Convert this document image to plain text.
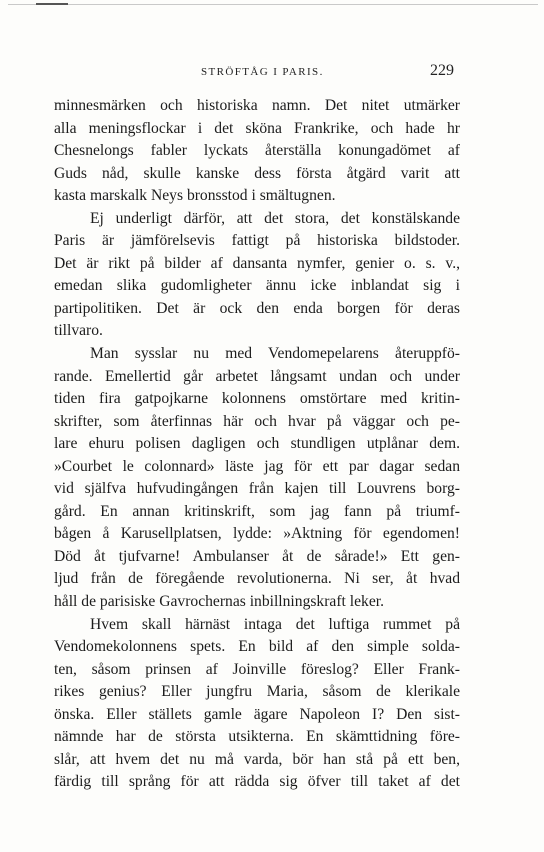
STRÖFTÅG I PARIS.	229
minnesmärken och historiska namn. Det nitet utmärker
alla meningsflockar i det sköna Frankrike, och hade hr
Chesnelongs fabler lyckats återställa konungadömet af
Guds nåd, skulle kanske dess första åtgärd varit att
kasta marskalk Neys bronsstod i smältugnen.
Ej underligt därför, att det stora, det konstälskande
Paris är jämförelsevis fattigt på historiska bildstoder.
Det är rikt på bilder af dansanta nymfer, genier o. s. v.,
emedan slika gudomligheter ännu icke inblandat sig i
partipolitiken. Det är ock den enda borgen för deras
tillvaro.
Man sysslar nu med Vendomepelarens återuppfö-
rande. Emellertid går arbetet långsamt undan och under
tiden fira gatpojkarne kolonnens omstörtare med kritin-
skrifter, som återfinnas här och hvar på väggar och pe-
lare ehuru polisen dagligen och stundligen utplånar dem.
»Courbet le colonnard» läste jag för ett par dagar sedan
vid själfva hufvudingången från kajen till Louvrens borg-
gård. En annan kritinskrift, som jag fann på triumf-
bågen å Karusellplatsen, lydde: »Aktning för egendomen!
Död åt tjufvarne! Ambulanser åt de sårade!» Ett gen-
ljud från de föregående revolutionerna. Ni ser, åt hvad
håll de parisiske Gavrochernas inbillningskraft leker.
Hvem skall härnäst intaga det luftiga rummet på
Vendomekolonnens spets. En bild af den simple solda-
ten, såsom prinsen af Joinville föreslog? Eller Frank-
rikes genius? Eller jungfru Maria, såsom de klerikale
önska. Eller ställets gamle ägare Napoleon I? Den sist-
nämnde har de största utsikterna. En skämttidning före-
slår, att hvem det nu må varda, bör han stå på ett ben,
färdig till språng för att rädda sig öfver till taket af det
